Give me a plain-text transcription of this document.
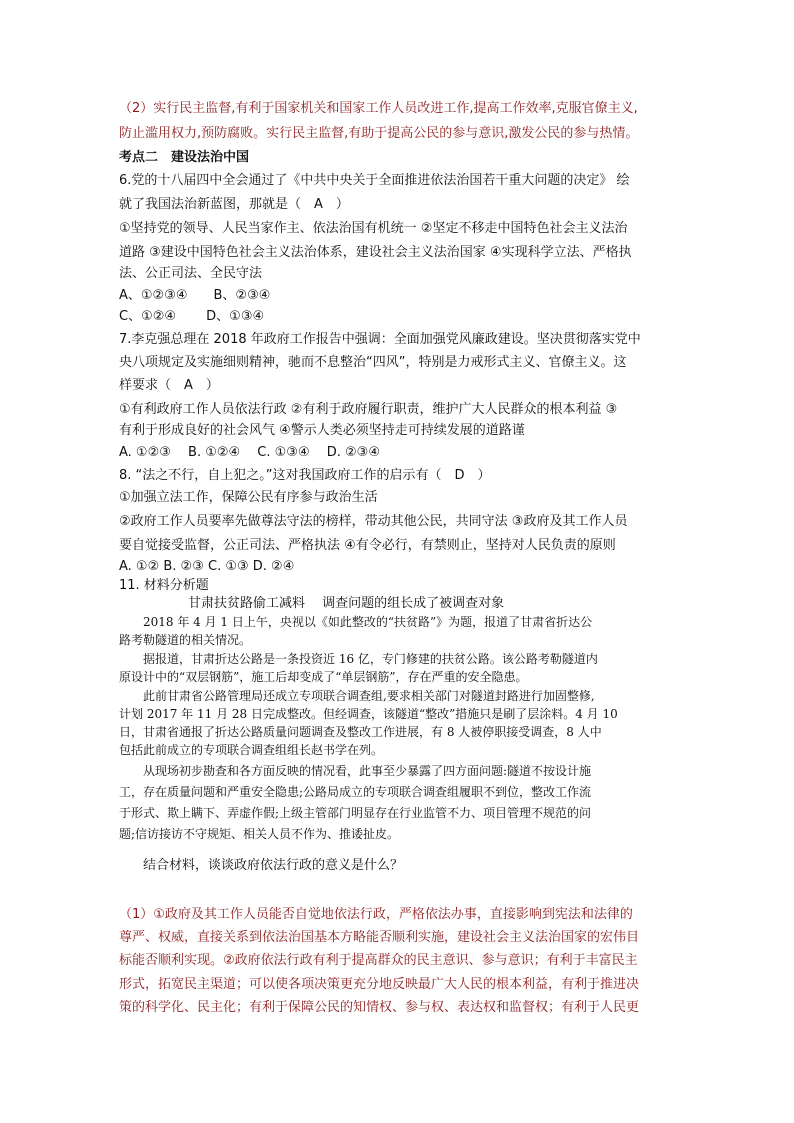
（2）实行民主监督,有利于国家机关和国家工作人员改进工作,提高工作效率,克服官僚主义,
防止滥用权力,预防腐败。实行民主监督,有助于提高公民的参与意识,激发公民的参与热情。
考点二　建设法治中国
6.党的十八届四中全会通过了《中共中央关于全面推进依法治国若干重大问题的决定》 绘
就了我国法治新蓝图，那就是（　A　）
①坚持党的领导、人民当家作主、依法治国有机统一 ②坚定不移走中国特色社会主义法治
道路 ③建设中国特色社会主义法治体系，建设社会主义法治国家 ④实现科学立法、严格执
法、公正司法、全民守法
A、①②③④　　B、②③④
C、①②④　　 D、①③④
7.李克强总理在 2018 年政府工作报告中强调：全面加强党风廉政建设。坚决贯彻落实党中
央八项规定及实施细则精神，驰而不息整治“四风”，特别是力戒形式主义、官僚主义。这
样要求（　A　）
①有利政府工作人员依法行政 ②有利于政府履行职责，维护广大人民群众的根本利益 ③
有利于形成良好的社会风气 ④警示人类必须坚持走可持续发展的道路谨
A. ①②③　 B. ①②④　 C. ①③④　 D. ②③④
8. “法之不行，自上犯之。”这对我国政府工作的启示有（　D　）
①加强立法工作，保障公民有序参与政治生活
②政府工作人员要率先做尊法守法的榜样，带动其他公民，共同守法 ③政府及其工作人员
要自觉接受监督，公正司法、严格执法 ④有令必行，有禁则止，坚持对人民负责的原则
A. ①② B. ②③ C. ①③ D. ②④
11. 材料分析题
甘肃扶贫路偷工减料　 调查问题的组长成了被调查对象
2018 年 4 月 1 日上午，央视以《如此整改的“扶贫路”》为题，报道了甘肃省折达公
路考勒隧道的相关情况。
据报道，甘肃折达公路是一条投资近 16 亿，专门修建的扶贫公路。该公路考勒隧道内
原设计中的“双层钢筋”，施工后却变成了“单层钢筋”，存在严重的安全隐患。
此前甘肃省公路管理局还成立专项联合调查组,要求相关部门对隧道封路进行加固整修,
计划 2017 年 11 月 28 日完成整改。但经调查，该隧道“整改”措施只是刷了层涂料。4 月 10
日，甘肃省通报了折达公路质量问题调查及整改工作进展，有 8 人被停职接受调查，8 人中
包括此前成立的专项联合调查组组长赵书学在列。
从现场初步勘查和各方面反映的情况看，此事至少暴露了四方面问题:隧道不按设计施
工，存在质量问题和严重安全隐患;公路局成立的专项联合调查组履职不到位，整改工作流
于形式、欺上瞒下、弄虚作假;上级主管部门明显存在行业监管不力、项目管理不规范的问
题;信访接访不守规矩、相关人员不作为、推诿扯皮。
结合材料，谈谈政府依法行政的意义是什么？
（1）①政府及其工作人员能否自觉地依法行政，严格依法办事，直接影响到宪法和法律的
尊严、权威，直接关系到依法治国基本方略能否顺利实施，建设社会主义法治国家的宏伟目
标能否顺利实现。②政府依法行政有利于提高群众的民主意识、参与意识；有利于丰富民主
形式，拓宽民主渠道；可以使各项决策更充分地反映最广大人民的根本利益，有利于推进决
策的科学化、民主化；有利于保障公民的知情权、参与权、表达权和监督权；有利于人民更
